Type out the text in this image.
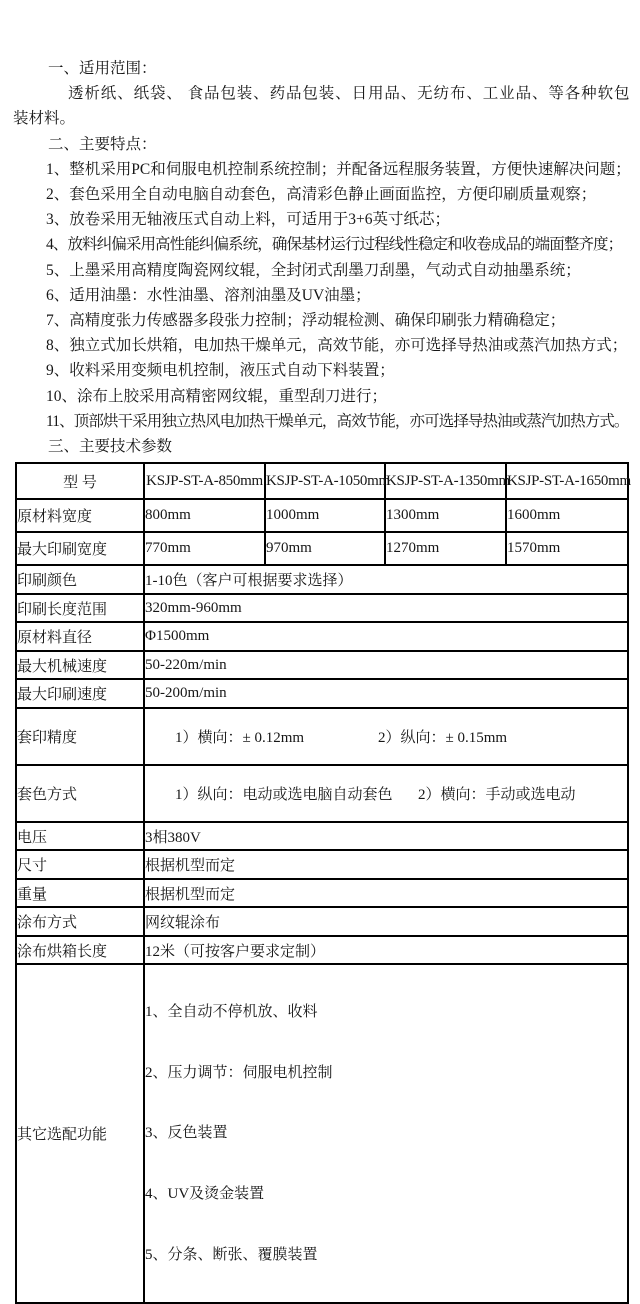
一、适用范围：
透析纸、纸袋、 食品包装、药品包装、日用品、无纺布、工业品、等各种软包
装材料。
二、主要特点：
1、整机采用PC和伺服电机控制系统控制；并配备远程服务装置，方便快速解决问题；
2、套色采用全自动电脑自动套色，高清彩色静止画面监控，方便印刷质量观察；
3、放卷采用无轴液压式自动上料，可适用于3+6英寸纸芯；
4、放料纠偏采用高性能纠偏系统，确保基材运行过程线性稳定和收卷成品的端面整齐度；
5、上墨采用高精度陶瓷网纹辊，全封闭式刮墨刀刮墨，气动式自动抽墨系统；
6、适用油墨：水性油墨、溶剂油墨及UV油墨；
7、高精度张力传感器多段张力控制；浮动辊检测、确保印刷张力精确稳定；
8、独立式加长烘箱，电加热干燥单元，高效节能，亦可选择导热油或蒸汽加热方式；
9、收料采用变频电机控制，液压式自动下料装置；
10、涂布上胶采用高精密网纹辊，重型刮刀进行；
11、顶部烘干采用独立热风电加热干燥单元，高效节能，亦可选择导热油或蒸汽加热方式。
三、主要技术参数
型 号	KSJP-ST-A-850mm	KSJP-ST-A-1050mm	KSJP-ST-A-1350mm	KSJP-ST-A-1650mm
原材料宽度	800mm	1000mm	1300mm	1600mm
最大印刷宽度	770mm	970mm	1270mm	1570mm
印刷颜色	1-10色（客户可根据要求选择）			
印刷长度范围	320mm-960mm			
原材料直径	Φ1500mm			
最大机械速度	50-220m/min			
最大印刷速度	50-200m/min			
套印精度	1）横向：± 0.12mm 2）纵向：± 0.15mm			

套色方式	1）纵向：电动或选电脑自动套色 2）横向：手动或选电动			

电压	3相380V			
尺寸	根据机型而定			
重量	根据机型而定			
涂布方式	网纹辊涂布			
涂布烘箱长度	12米（可按客户要求定制）			
其它选配功能	1、全自动不停机放、收料

2、压力调节：伺服电机控制

3、反色装置

4、UV及烫金装置

5、分条、断张、覆膜装置			
